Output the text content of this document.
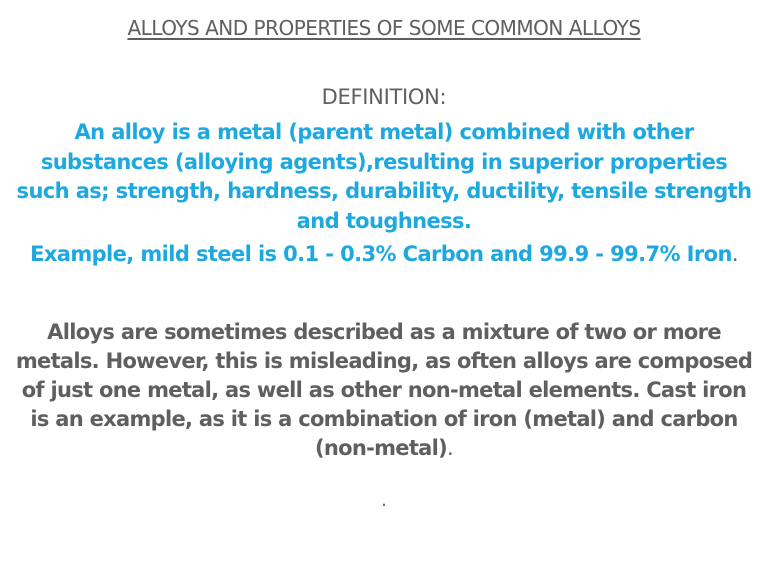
ALLOYS AND PROPERTIES OF SOME COMMON ALLOYS
DEFINITION:
An alloy is a metal (parent metal) combined with other substances (alloying agents),resulting in superior properties such as; strength, hardness, durability, ductility, tensile strength and toughness.
Example, mild steel is 0.1 - 0.3% Carbon and 99.9 - 99.7% Iron.
Alloys are sometimes described as a mixture of two or more metals. However, this is misleading, as often alloys are composed of just one metal, as well as other non-metal elements. Cast iron is an example, as it is a combination of iron (metal) and carbon (non-metal).
.
